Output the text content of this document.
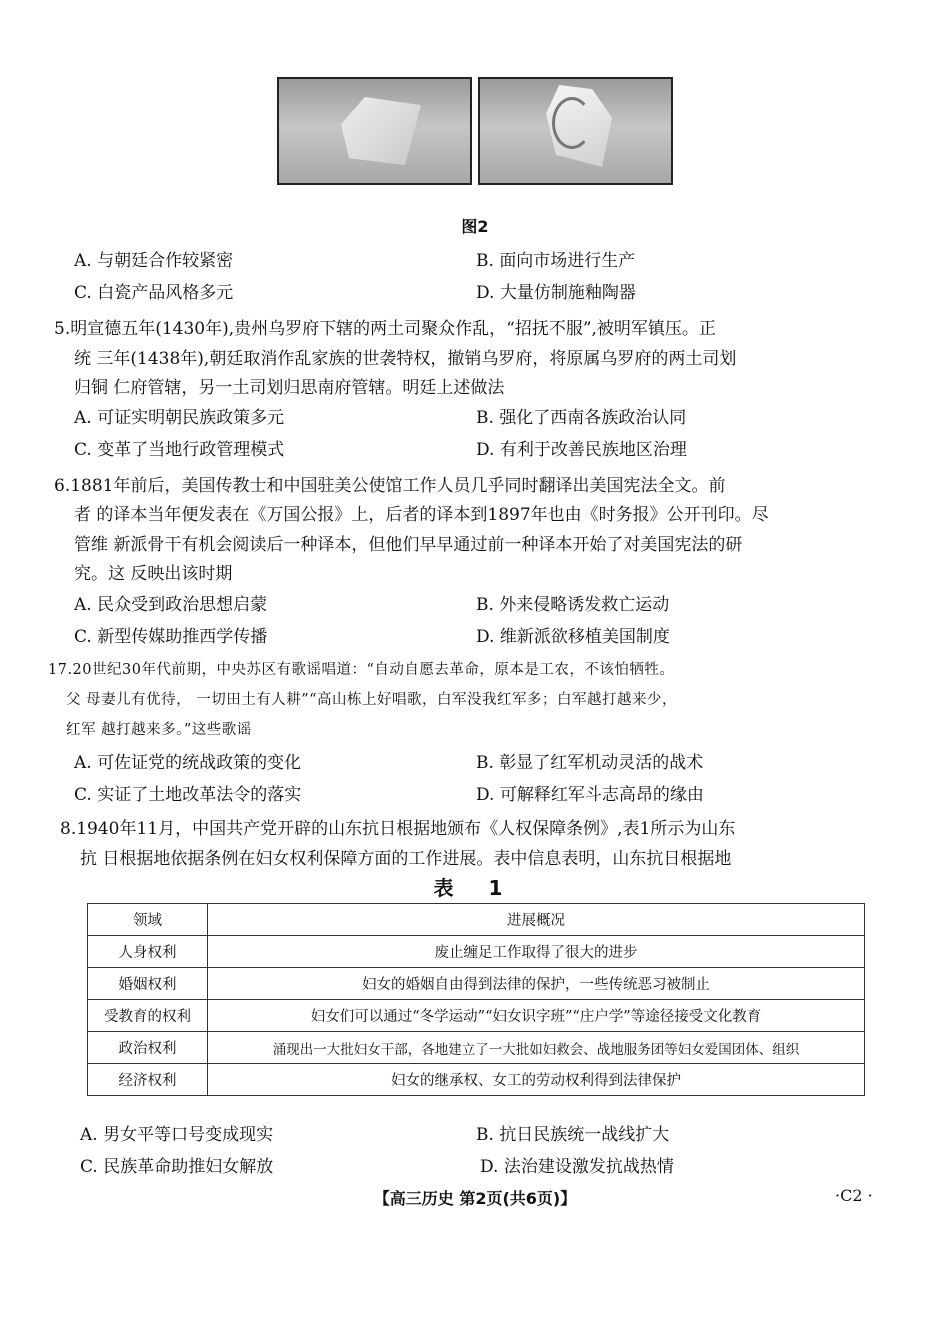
图2
A. 与朝廷合作较紧密	B. 面向市场进行生产
C. 白瓷产品风格多元	D. 大量仿制施釉陶器
5.明宣德五年(1430年),贵州乌罗府下辖的两土司聚众作乱，“招抚不服”,被明军镇压。正
统 三年(1438年),朝廷取消作乱家族的世袭特权，撤销乌罗府，将原属乌罗府的两土司划
归铜 仁府管辖，另一土司划归思南府管辖。明廷上述做法
A. 可证实明朝民族政策多元	B. 强化了西南各族政治认同
C. 变革了当地行政管理模式	D. 有利于改善民族地区治理
6.1881年前后，美国传教士和中国驻美公使馆工作人员几乎同时翻译出美国宪法全文。前
者 的译本当年便发表在《万国公报》上，后者的译本到1897年也由《时务报》公开刊印。尽
管维 新派骨干有机会阅读后一种译本，但他们早早通过前一种译本开始了对美国宪法的研
究。这 反映出该时期
A. 民众受到政治思想启蒙	B. 外来侵略诱发救亡运动
C. 新型传媒助推西学传播	D. 维新派欲移植美国制度
17.20世纪30年代前期，中央苏区有歌谣唱道：“自动自愿去革命，原本是工农，不该怕牺牲。
父 母妻儿有优待， 一切田土有人耕”“高山栋上好唱歌，白军没我红军多；白军越打越来少，
红军 越打越来多。”这些歌谣
A. 可佐证党的统战政策的变化	B. 彰显了红军机动灵活的战术
C. 实证了土地改革法令的落实	D. 可解释红军斗志高昂的缘由
8.1940年11月，中国共产党开辟的山东抗日根据地颁布《人权保障条例》,表1所示为山东
抗 日根据地依据条例在妇女权利保障方面的工作进展。表中信息表明，山东抗日根据地
表 1
领域	进展概况
人身权利	废止缠足工作取得了很大的进步
婚姻权利	妇女的婚姻自由得到法律的保护，一些传统恶习被制止
受教育的权利	妇女们可以通过“冬学运动”“妇女识字班”“庄户学”等途径接受文化教育
政治权利	涌现出一大批妇女干部，各地建立了一大批如妇救会、战地服务团等妇女爱国团体、组织
经济权利	妇女的继承权、女工的劳动权利得到法律保护
A. 男女平等口号变成现实	B. 抗日民族统一战线扩大
C. 民族革命助推妇女解放	D. 法治建设激发抗战热情
【高三历史 第2页(共6页)】	·C2 ·
